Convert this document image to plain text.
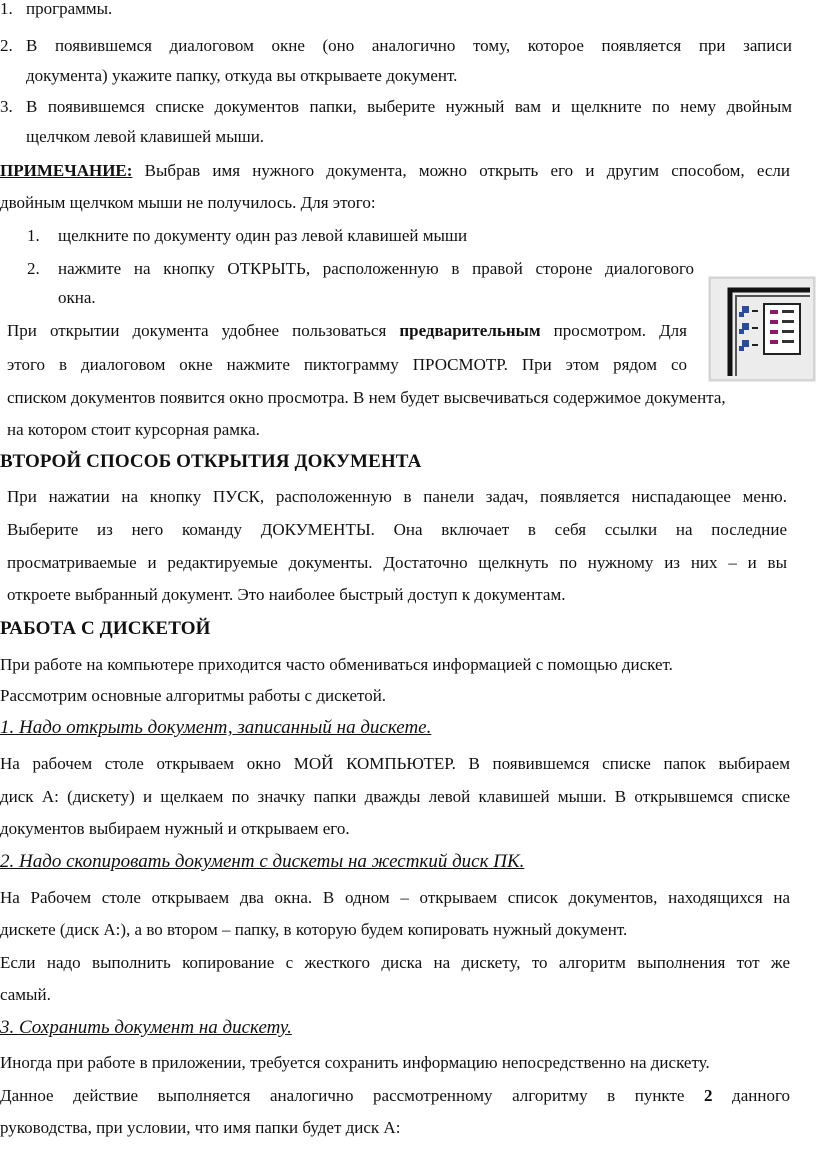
1. программы.

2. В появившемся диалоговом окне (оно аналогично тому, которое появляется при записи

документа) укажите папку, откуда вы открываете документ.

3. В появившемся списке документов папки, выберите нужный вам и щелкните по нему двойным

щелчком левой клавишей мыши.

ПРИМЕЧАНИЕ: Выбрав имя нужного документа, можно открыть его и другим способом, если

двойным щелчком мыши не получилось. Для этого:

1. щелкните по документу один раз левой клавишей мыши

2. нажмите на кнопку ОТКРЫТЬ, расположенную в правой стороне диалогового

окна.

При открытии документа удобнее пользоваться предварительным просмотром. Для

этого в диалоговом окне нажмите пиктограмму ПРОСМОТР. При этом рядом со

списком документов появится окно просмотра. В нем будет высвечиваться содержимое документа,

на котором стоит курсорная рамка.

ВТОРОЙ СПОСОБ ОТКРЫТИЯ ДОКУМЕНТА

При нажатии на кнопку ПУСК, расположенную в панели задач, появляется ниспадающее меню.

Выберите из него команду ДОКУМЕНТЫ. Она включает в себя ссылки на последние

просматриваемые и редактируемые документы. Достаточно щелкнуть по нужному из них – и вы

откроете выбранный документ. Это наиболее быстрый доступ к документам.

РАБОТА С ДИСКЕТОЙ

При работе на компьютере приходится часто обмениваться информацией с помощью дискет.

Рассмотрим основные алгоритмы работы с дискетой.

1. Надо открыть документ, записанный на дискете.

На рабочем столе открываем окно МОЙ КОМПЬЮТЕР. В появившемся списке папок выбираем

диск А: (дискету) и щелкаем по значку папки дважды левой клавишей мыши. В открывшемся списке

документов выбираем нужный и открываем его.

2. Надо скопировать документ с дискеты на жесткий диск ПК.

На Рабочем столе открываем два окна. В одном – открываем список документов, находящихся на

дискете (диск А:), а во втором – папку, в которую будем копировать нужный документ.

Если надо выполнить копирование с жесткого диска на дискету, то алгоритм выполнения тот же

самый.

3. Сохранить документ на дискету.

Иногда при работе в приложении, требуется сохранить информацию непосредственно на дискету.

Данное действие выполняется аналогично рассмотренному алгоритму в пункте 2 данного

руководства, при условии, что имя папки будет диск А:
